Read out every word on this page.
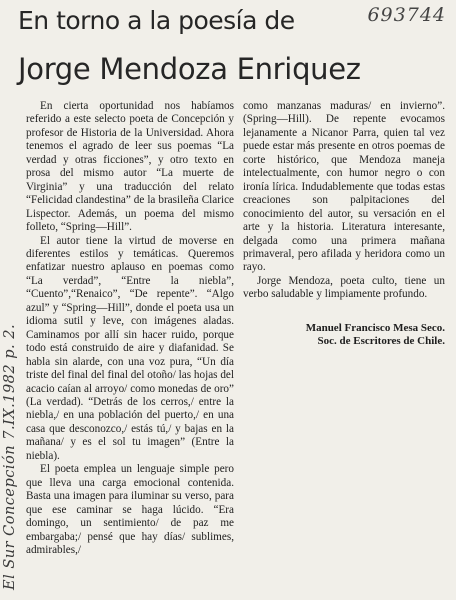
En torno a la poesía de
Jorge Mendoza Enriquez
693744
El Sur Concepción 7.IX.1982 p. 2.

En cierta oportunidad nos habíamos referido a este selecto poeta de Concepción y profesor de Historia de la Universidad. Ahora tenemos el agrado de leer sus poemas “La verdad y otras ficciones”, y otro texto en prosa del mismo autor “La muerte de Virginia” y una traducción del relato “Felicidad clandestina” de la brasileña Clarice Lispector. Además, un poema del mismo folleto, “Spring—Hill”.

El autor tiene la virtud de moverse en diferentes estilos y temáticas. Queremos enfatizar nuestro aplauso en poemas como “La verdad”, “Entre la niebla”, “Cuento”,“Renaico”, “De repente”. “Algo azul” y “Spring—Hill”, donde el poeta usa un idioma sutil y leve, con imágenes aladas. Caminamos por allí sin hacer ruido, porque todo está construido de aire y diafanidad. Se habla sin alarde, con una voz pura, “Un día triste del final del final del otoño/ las hojas del acacio caían al arroyo/ como monedas de oro” (La verdad). “Detrás de los cerros,/ entre la niebla,/ en una población del puerto,/ en una casa que desconozco,/ estás tú,/ y bajas en la mañana/ y es el sol tu imagen” (Entre la niebla).

El poeta emplea un lenguaje simple pero que lleva una carga emocional contenida. Basta una imagen para iluminar su verso, para que ese caminar se haga lúcido. “Era domingo, un sentimiento/ de paz me embargaba;/ pensé que hay días/ sublimes, admirables,/

como manzanas maduras/ en invierno”. (Spring—Hill). De repente evocamos lejanamente a Nicanor Parra, quien tal vez puede estar más presente en otros poemas de corte histórico, que Mendoza maneja intelectualmente, con humor negro o con ironía lírica. Indudablemente que todas estas creaciones son palpitaciones del conocimiento del autor, su versación en el arte y la historia. Literatura interesante, delgada como una primera mañana primaveral, pero afilada y heridora como un rayo.

Jorge Mendoza, poeta culto, tiene un verbo saludable y limpiamente profundo.

Manuel Francisco Mesa Seco.
Soc. de Escritores de Chile.
